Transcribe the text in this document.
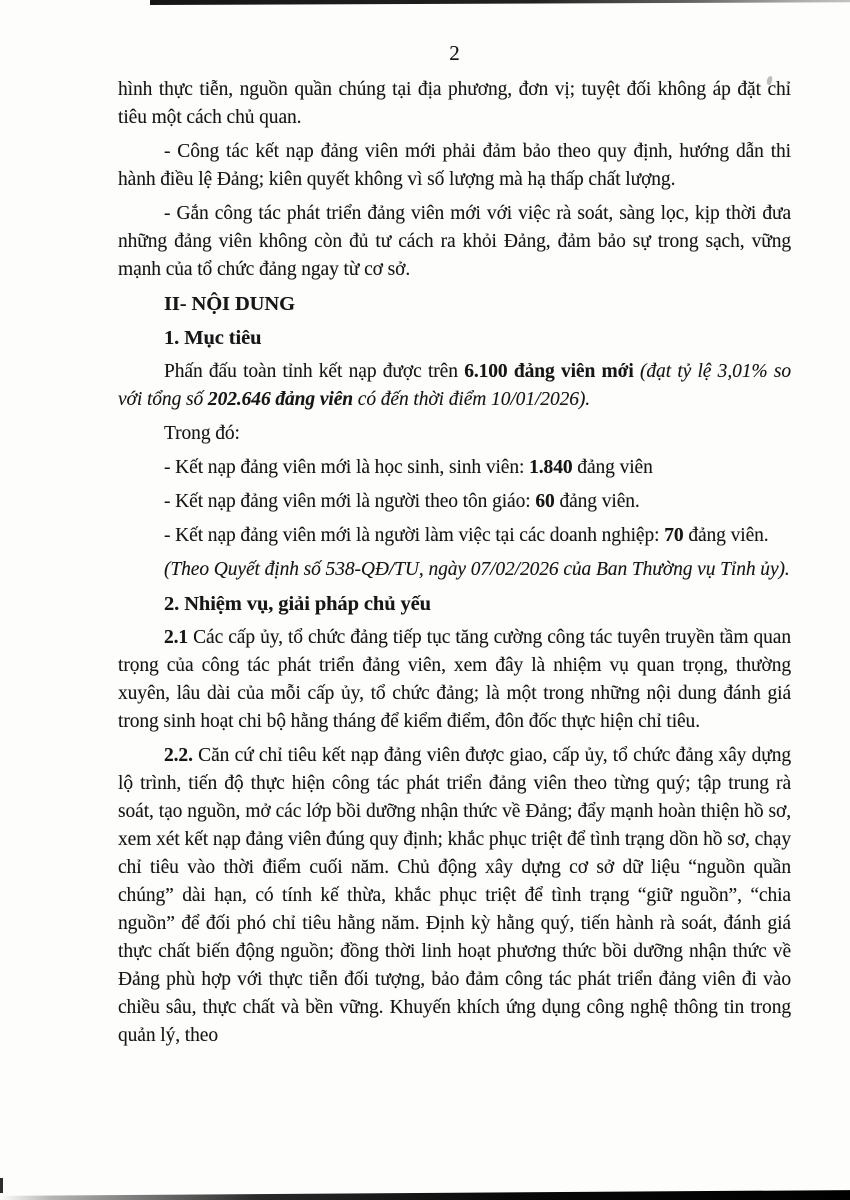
2

hình thực tiễn, nguồn quần chúng tại địa phương, đơn vị; tuyệt đối không áp đặt chỉ tiêu một cách chủ quan.

- Công tác kết nạp đảng viên mới phải đảm bảo theo quy định, hướng dẫn thi hành điều lệ Đảng; kiên quyết không vì số lượng mà hạ thấp chất lượng.

- Gắn công tác phát triển đảng viên mới với việc rà soát, sàng lọc, kịp thời đưa những đảng viên không còn đủ tư cách ra khỏi Đảng, đảm bảo sự trong sạch, vững mạnh của tổ chức đảng ngay từ cơ sở.

II- NỘI DUNG

1. Mục tiêu

Phấn đấu toàn tỉnh kết nạp được trên 6.100 đảng viên mới (đạt tỷ lệ 3,01% so với tổng số 202.646 đảng viên có đến thời điểm 10/01/2026).

Trong đó:

- Kết nạp đảng viên mới là học sinh, sinh viên: 1.840 đảng viên

- Kết nạp đảng viên mới là người theo tôn giáo: 60 đảng viên.

- Kết nạp đảng viên mới là người làm việc tại các doanh nghiệp: 70 đảng viên.

(Theo Quyết định số 538-QĐ/TU, ngày 07/02/2026 của Ban Thường vụ Tỉnh ủy).

2. Nhiệm vụ, giải pháp chủ yếu

2.1 Các cấp ủy, tổ chức đảng tiếp tục tăng cường công tác tuyên truyền tầm quan trọng của công tác phát triển đảng viên, xem đây là nhiệm vụ quan trọng, thường xuyên, lâu dài của mỗi cấp ủy, tổ chức đảng; là một trong những nội dung đánh giá trong sinh hoạt chi bộ hằng tháng để kiểm điểm, đôn đốc thực hiện chỉ tiêu.

2.2. Căn cứ chỉ tiêu kết nạp đảng viên được giao, cấp ủy, tổ chức đảng xây dựng lộ trình, tiến độ thực hiện công tác phát triển đảng viên theo từng quý; tập trung rà soát, tạo nguồn, mở các lớp bồi dưỡng nhận thức về Đảng; đẩy mạnh hoàn thiện hồ sơ, xem xét kết nạp đảng viên đúng quy định; khắc phục triệt để tình trạng dồn hồ sơ, chạy chỉ tiêu vào thời điểm cuối năm. Chủ động xây dựng cơ sở dữ liệu “nguồn quần chúng” dài hạn, có tính kế thừa, khắc phục triệt để tình trạng “giữ nguồn”, “chia nguồn” để đối phó chỉ tiêu hằng năm. Định kỳ hằng quý, tiến hành rà soát, đánh giá thực chất biến động nguồn; đồng thời linh hoạt phương thức bồi dưỡng nhận thức về Đảng phù hợp với thực tiễn đối tượng, bảo đảm công tác phát triển đảng viên đi vào chiều sâu, thực chất và bền vững. Khuyến khích ứng dụng công nghệ thông tin trong quản lý, theo
